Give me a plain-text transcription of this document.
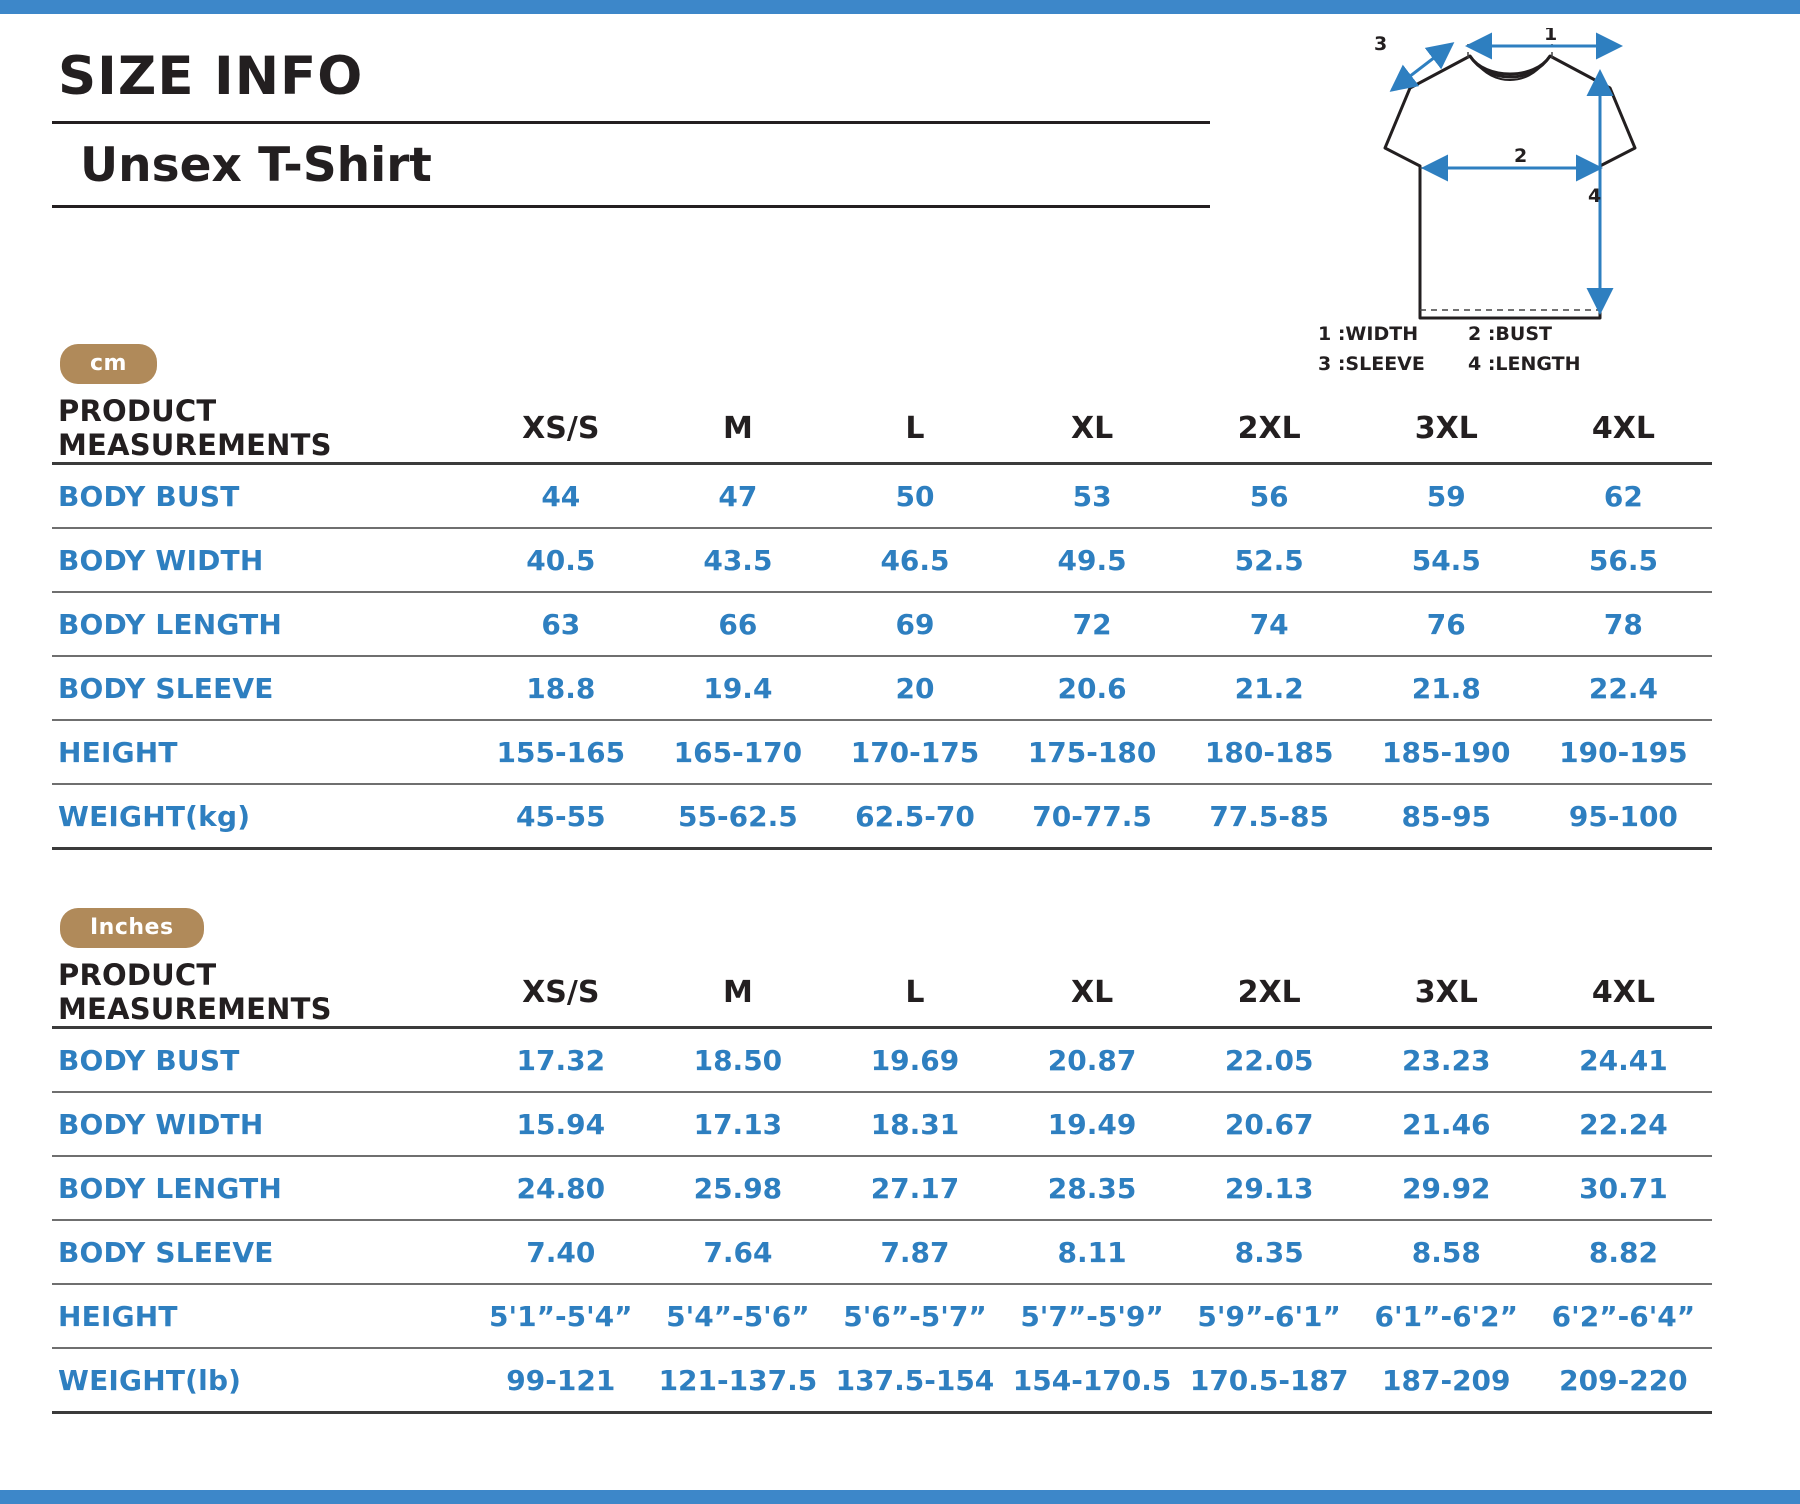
SIZE INFO
Unsex T-Shirt
1
2
3
4
1 :WIDTH	2 :BUST
3 :SLEEVE	4 :LENGTH
cm
PRODUCT MEASUREMENTS	XS/S	M	L	XL	2XL	3XL	4XL
BODY BUST	44	47	50	53	56	59	62
BODY WIDTH	40.5	43.5	46.5	49.5	52.5	54.5	56.5
BODY LENGTH	63	66	69	72	74	76	78
BODY SLEEVE	18.8	19.4	20	20.6	21.2	21.8	22.4
HEIGHT	155-165	165-170	170-175	175-180	180-185	185-190	190-195
WEIGHT(kg)	45-55	55-62.5	62.5-70	70-77.5	77.5-85	85-95	95-100
Inches
PRODUCT MEASUREMENTS	XS/S	M	L	XL	2XL	3XL	4XL
BODY BUST	17.32	18.50	19.69	20.87	22.05	23.23	24.41
BODY WIDTH	15.94	17.13	18.31	19.49	20.67	21.46	22.24
BODY LENGTH	24.80	25.98	27.17	28.35	29.13	29.92	30.71
BODY SLEEVE	7.40	7.64	7.87	8.11	8.35	8.58	8.82
HEIGHT	5'1”-5'4”	5'4”-5'6”	5'6”-5'7”	5'7”-5'9”	5'9”-6'1”	6'1”-6'2”	6'2”-6'4”
WEIGHT(lb)	99-121	121-137.5	137.5-154	154-170.5	170.5-187	187-209	209-220
